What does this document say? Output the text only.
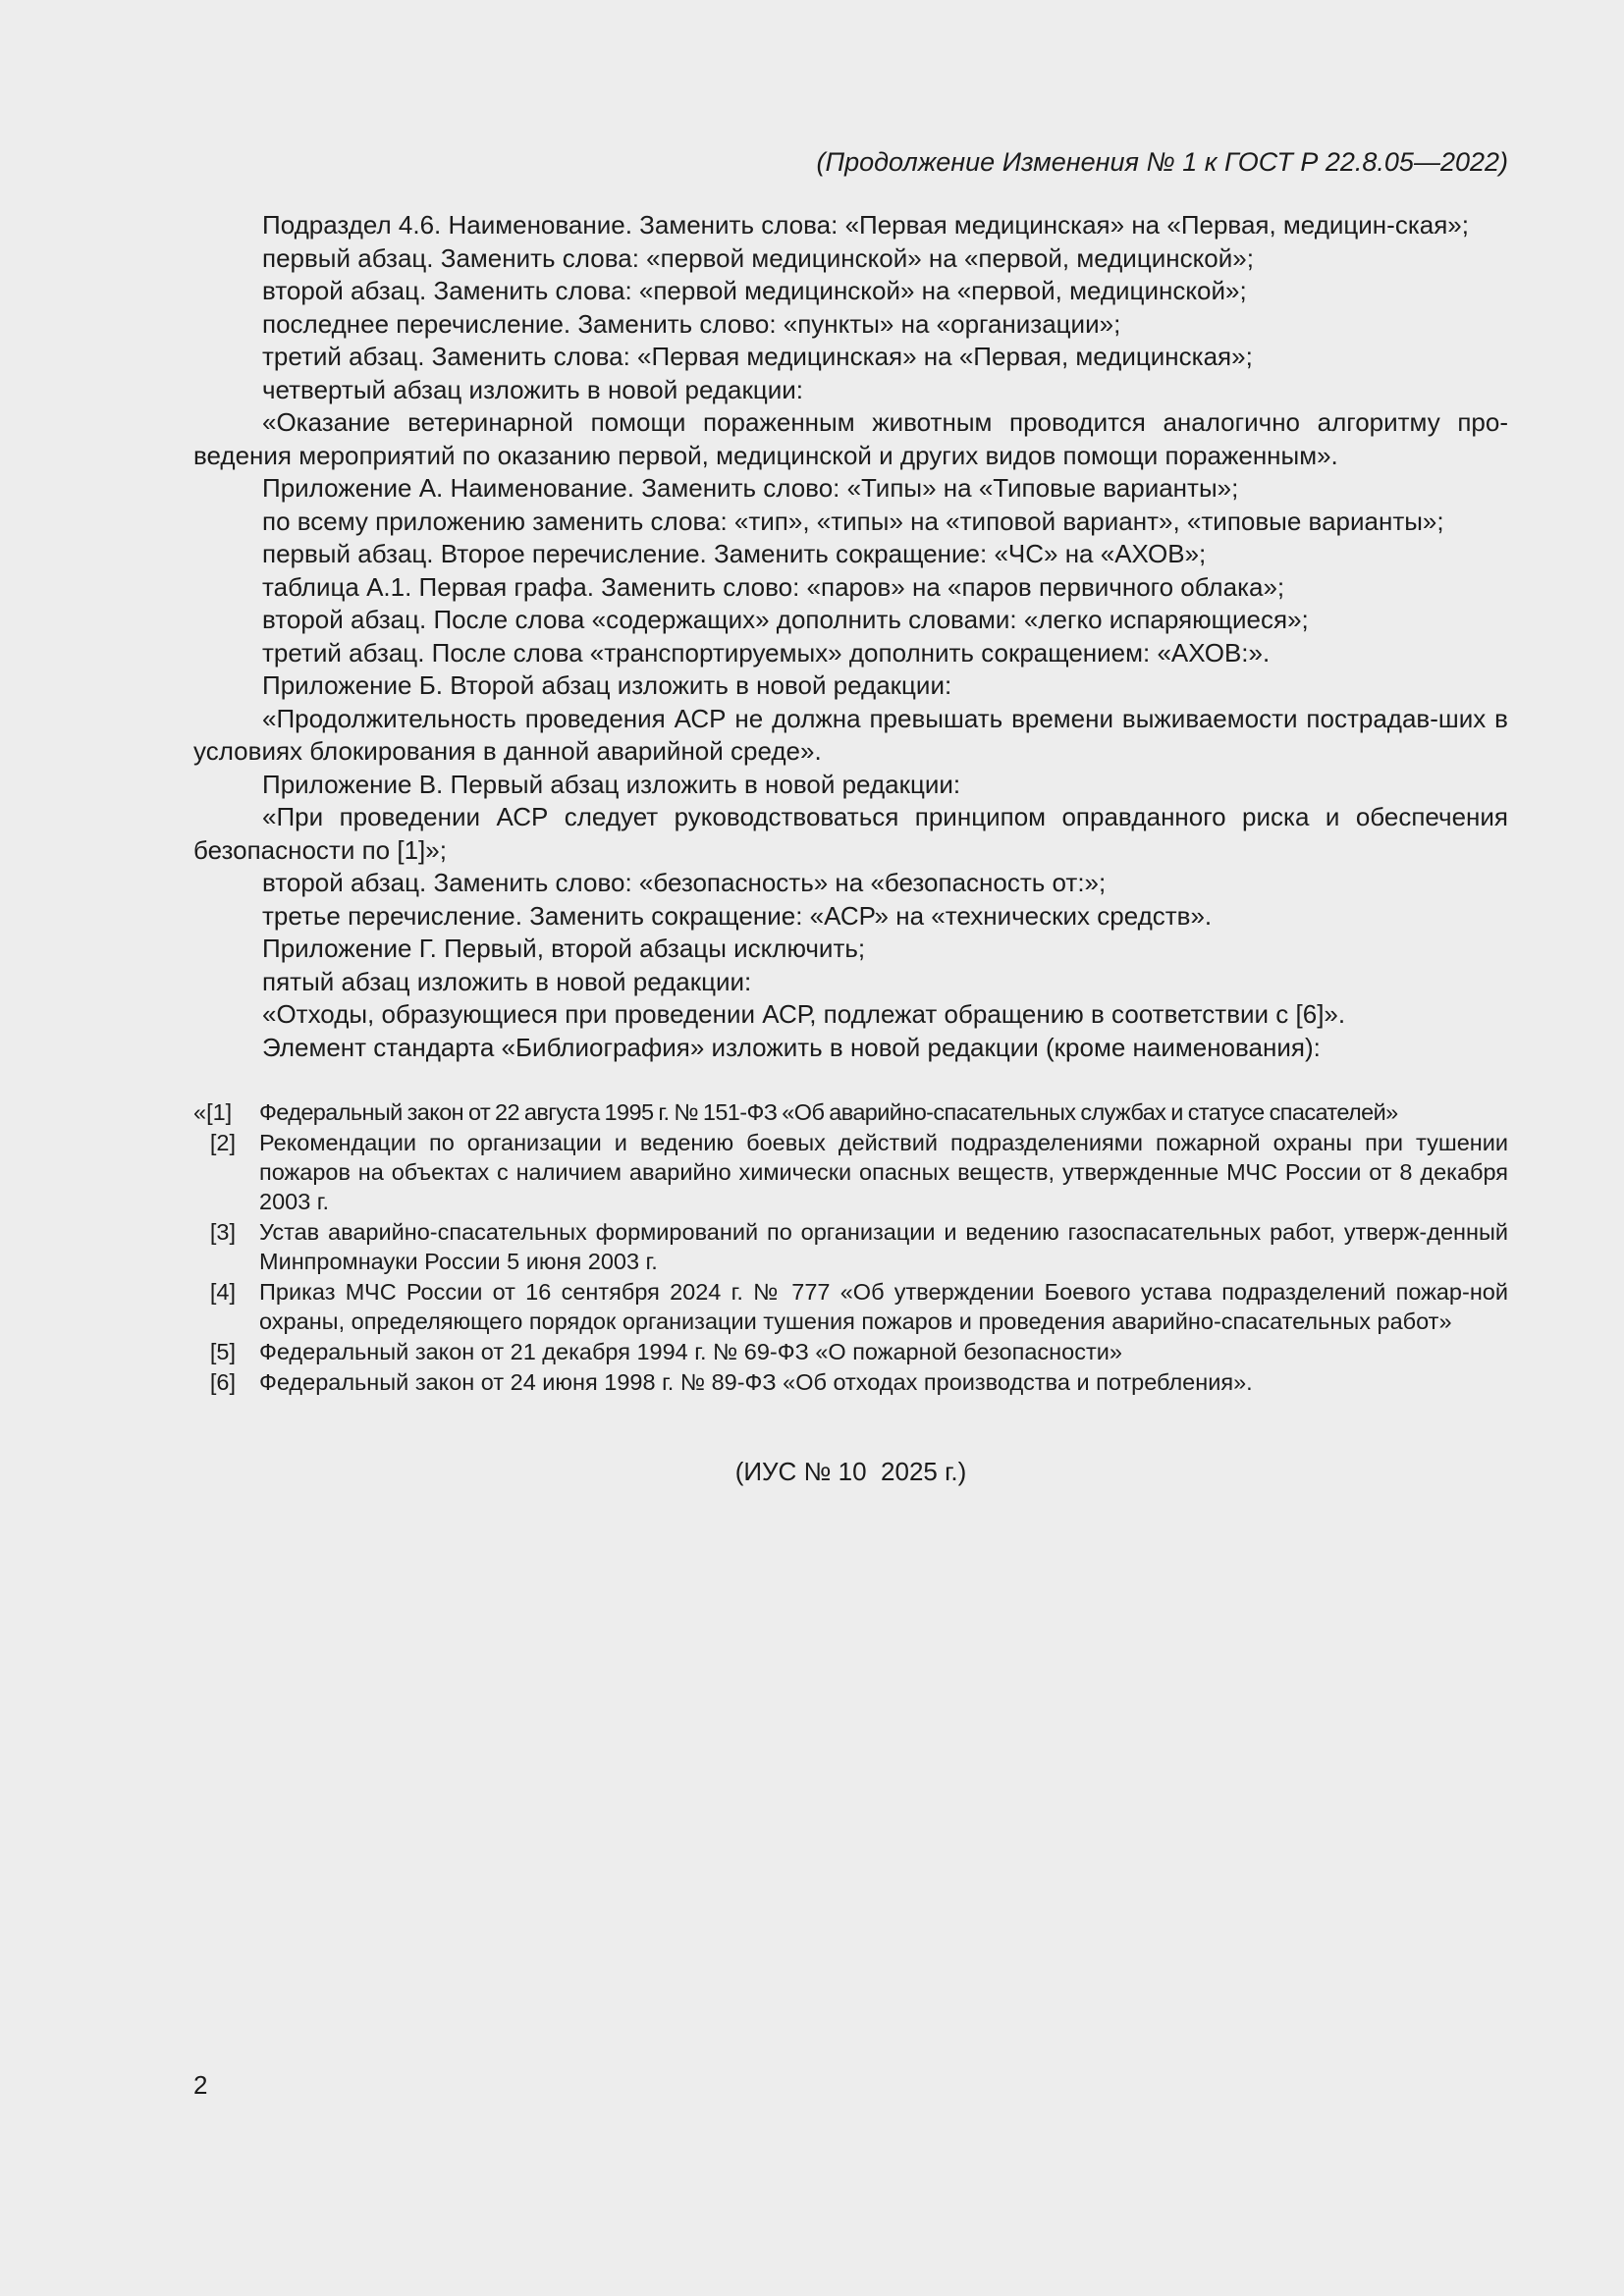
(Продолжение Изменения № 1 к ГОСТ Р 22.8.05—2022)

Подраздел 4.6. Наименование. Заменить слова: «Первая медицинская» на «Первая, медицин-ская»;

первый абзац. Заменить слова: «первой медицинской» на «первой, медицинской»;

второй абзац. Заменить слова: «первой медицинской» на «первой, медицинской»;

последнее перечисление. Заменить слово: «пункты» на «организации»;

третий абзац. Заменить слова: «Первая медицинская» на «Первая, медицинская»;

четвертый абзац изложить в новой редакции:

«Оказание ветеринарной помощи пораженным животным проводится аналогично алгоритму про-ведения мероприятий по оказанию первой, медицинской и других видов помощи пораженным».

Приложение А. Наименование. Заменить слово: «Типы» на «Типовые варианты»;

по всему приложению заменить слова: «тип», «типы» на «типовой вариант», «типовые варианты»;

первый абзац. Второе перечисление. Заменить сокращение: «ЧС» на «АХОВ»;

таблица А.1. Первая графа. Заменить слово: «паров» на «паров первичного облака»;

второй абзац. После слова «содержащих» дополнить словами: «легко испаряющиеся»;

третий абзац. После слова «транспортируемых» дополнить сокращением: «АХОВ:».

Приложение Б. Второй абзац изложить в новой редакции:

«Продолжительность проведения АСР не должна превышать времени выживаемости пострадав-ших в условиях блокирования в данной аварийной среде».

Приложение В. Первый абзац изложить в новой редакции:

«При проведении АСР следует руководствоваться принципом оправданного риска и обеспечения безопасности по [1]»;

второй абзац. Заменить слово: «безопасность» на «безопасность от:»;

третье перечисление. Заменить сокращение: «АСР» на «технических средств».

Приложение Г. Первый, второй абзацы исключить;

пятый абзац изложить в новой редакции:

«Отходы, образующиеся при проведении АСР, подлежат обращению в соответствии с [6]».

Элемент стандарта «Библиография» изложить в новой редакции (кроме наименования):

«[1]	Федеральный закон от 22 августа 1995 г. № 151-ФЗ «Об аварийно-спасательных службах и статусе спасателей»
[2]	Рекомендации по организации и ведению боевых действий подразделениями пожарной охраны при тушении пожаров на объектах с наличием аварийно химически опасных веществ, утвержденные МЧС России от 8 декабря 2003 г.
[3]	Устав аварийно-спасательных формирований по организации и ведению газоспасательных работ, утверж-денный Минпромнауки России 5 июня 2003 г.
[4]	Приказ МЧС России от 16 сентября 2024 г. № 777 «Об утверждении Боевого устава подразделений пожар-ной охраны, определяющего порядок организации тушения пожаров и проведения аварийно-спасательных работ»
[5]	Федеральный закон от 21 декабря 1994 г. № 69-ФЗ «О пожарной безопасности»
[6]	Федеральный закон от 24 июня 1998 г. № 89-ФЗ «Об отходах производства и потребления».
(ИУС № 10  2025 г.)
2
